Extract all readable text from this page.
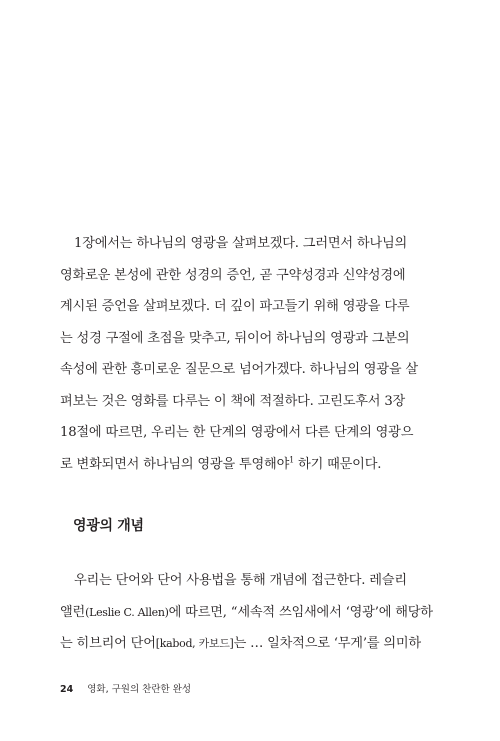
1장에서는 하나님의 영광을 살펴보겠다. 그러면서 하나님의
영화로운 본성에 관한 성경의 증언, 곧 구약성경과 신약성경에
계시된 증언을 살펴보겠다. 더 깊이 파고들기 위해 영광을 다루
는 성경 구절에 초점을 맞추고, 뒤이어 하나님의 영광과 그분의
속성에 관한 흥미로운 질문으로 넘어가겠다. 하나님의 영광을 살
펴보는 것은 영화를 다루는 이 책에 적절하다. 고린도후서 3장
18절에 따르면, 우리는 한 단계의 영광에서 다른 단계의 영광으
로 변화되면서 하나님의 영광을 투영해야$^1$ 하기 때문이다.
영광의 개념
우리는 단어와 단어 사용법을 통해 개념에 접근한다. 레슬리
앨런(Leslie C. Allen)에 따르면, “세속적 쓰임새에서 ‘영광’에 해당하
는 히브리어 단어[kabod, 카보드]는 … 일차적으로 ‘무게’를 의미하
24 영화, 구원의 찬란한 완성
